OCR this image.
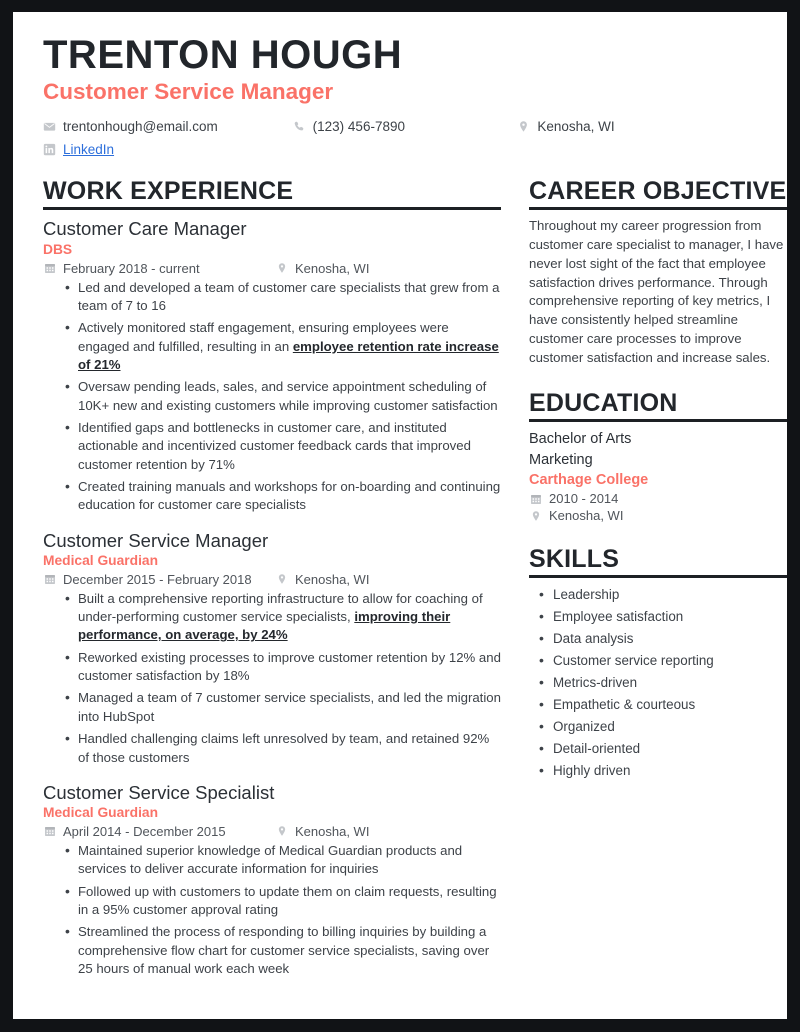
TRENTON HOUGH
Customer Service Manager
trentonhough@email.com	(123) 456-7890	Kenosha, WI
LinkedIn
WORK EXPERIENCE
Customer Care Manager
DBS
February 2018 - current	Kenosha, WI
• Led and developed a team of customer care specialists that grew from a team of 7 to 16
• Actively monitored staff engagement, ensuring employees were engaged and fulfilled, resulting in an employee retention rate increase of 21%
• Oversaw pending leads, sales, and service appointment scheduling of 10K+ new and existing customers while improving customer satisfaction
• Identified gaps and bottlenecks in customer care, and instituted actionable and incentivized customer feedback cards that improved customer retention by 71%
• Created training manuals and workshops for on-boarding and continuing education for customer care specialists
Customer Service Manager
Medical Guardian
December 2015 - February 2018	Kenosha, WI
• Built a comprehensive reporting infrastructure to allow for coaching of under-performing customer service specialists, improving their performance, on average, by 24%
• Reworked existing processes to improve customer retention by 12% and customer satisfaction by 18%
• Managed a team of 7 customer service specialists, and led the migration into HubSpot
• Handled challenging claims left unresolved by team, and retained 92% of those customers
Customer Service Specialist
Medical Guardian
April 2014 - December 2015	Kenosha, WI
• Maintained superior knowledge of Medical Guardian products and services to deliver accurate information for inquiries
• Followed up with customers to update them on claim requests, resulting in a 95% customer approval rating
• Streamlined the process of responding to billing inquiries by building a comprehensive flow chart for customer service specialists, saving over 25 hours of manual work each week
CAREER OBJECTIVE

Throughout my career progression from customer care specialist to manager, I have never lost sight of the fact that employee satisfaction drives performance. Through comprehensive reporting of key metrics, I have consistently helped streamline customer care processes to improve customer satisfaction and increase sales.

EDUCATION
Bachelor of Arts
Marketing
Carthage College
2010 - 2014
Kenosha, WI
SKILLS
• Leadership
• Employee satisfaction
• Data analysis
• Customer service reporting
• Metrics-driven
• Empathetic & courteous
• Organized
• Detail-oriented
• Highly driven
